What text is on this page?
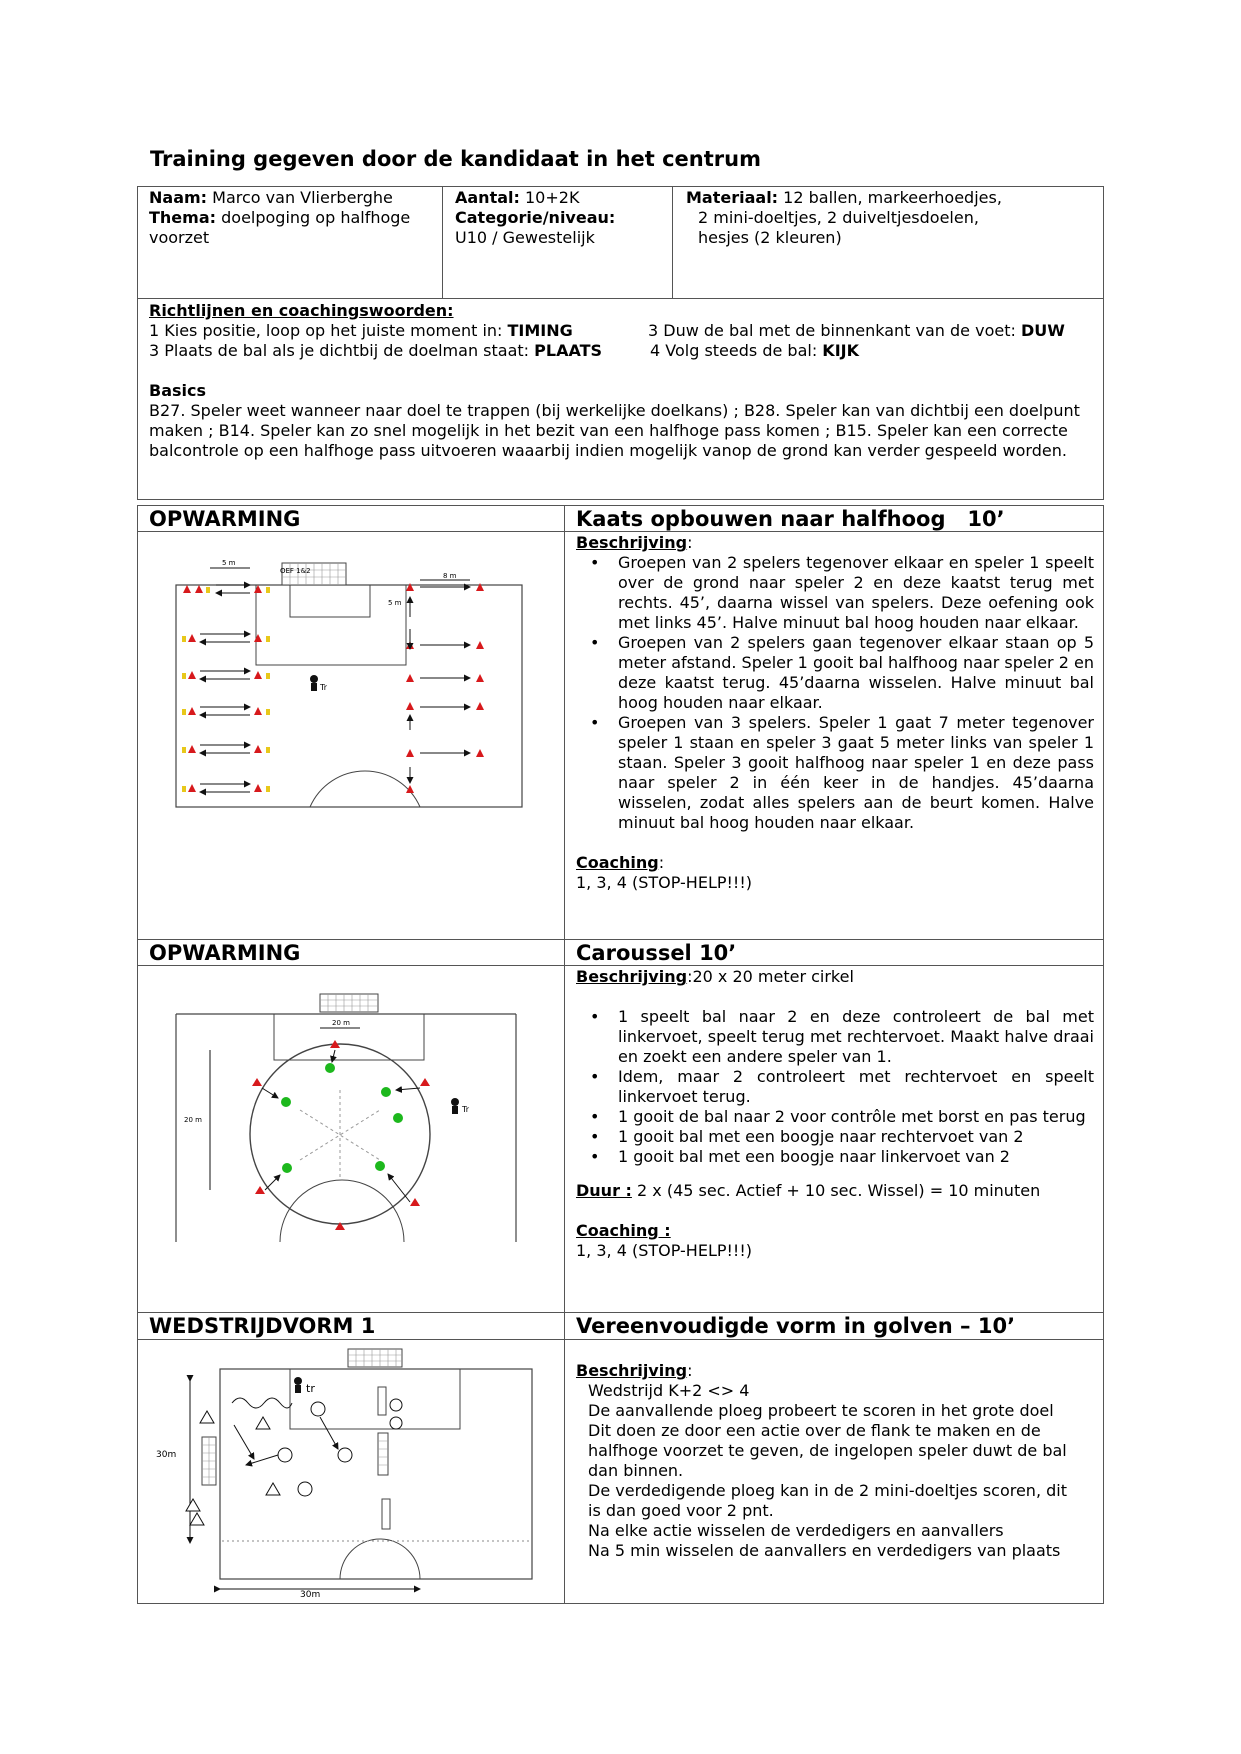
Training gegeven door de kandidaat in het centrum
Naam: Marco van Vlierberghe
Thema: doelpoging op halfhoge
voorzet
Aantal: 10+2K
Categorie/niveau:
U10 / Gewestelijk
Materiaal: 12 ballen, markeerhoedjes,
2 mini-doeltjes, 2 duiveltjesdoelen,
hesjes (2 kleuren)
Richtlijnen en coachingswoorden:
1 Kies positie, loop op het juiste moment in: TIMING	3 Duw de bal met de binnenkant van de voet: DUW
3 Plaats de bal als je dichtbij de doelman staat: PLAATS	4 Volg steeds de bal: KIJK
Basics
B27. Speler weet wanneer naar doel te trappen (bij werkelijke doelkans) ; B28. Speler kan van dichtbij een doelpunt maken ; B14. Speler kan zo snel mogelijk in het bezit van een halfhoge pass komen ; B15. Speler kan een correcte balcontrole op een halfhoge pass uitvoeren waaarbij indien mogelijk vanop de grond kan verder gespeeld worden.
OPWARMING	Kaats opbouwen naar halfhoog   10’
Beschrijving:
• Groepen van 2 spelers tegenover elkaar en speler 1 speelt over de grond naar speler 2 en deze kaatst terug met rechts. 45’, daarna wissel van spelers. Deze oefening ook met links 45’. Halve minuut bal hoog houden naar elkaar.
• Groepen van 2 spelers gaan tegenover elkaar staan op 5 meter afstand. Speler 1 gooit bal halfhoog naar speler 2 en deze kaatst terug. 45’daarna wisselen. Halve minuut bal hoog houden naar elkaar.
• Groepen van 3 spelers. Speler 1 gaat 7 meter tegenover speler 1 staan en speler 3 gaat 5 meter links van speler 1 staan. Speler 3 gooit halfhoog naar speler 1 en deze pass naar speler 2 in één keer in de handjes. 45’daarna wisselen, zodat alles spelers aan de beurt komen. Halve minuut bal hoog houden naar elkaar.
Coaching:
1, 3, 4 (STOP-HELP!!!)
5 m
OEF 1&2
8 m
5 m
Tr
OPWARMING	Caroussel 10’
Beschrijving:20 x 20 meter cirkel
• 1 speelt bal naar 2 en deze controleert de bal met linkervoet, speelt terug met rechtervoet. Maakt halve draai en zoekt een andere speler van 1.
• Idem, maar 2 controleert met rechtervoet en speelt linkervoet terug.
• 1 gooit de bal naar 2 voor contrôle met borst en pas terug
• 1 gooit bal met een boogje naar rechtervoet van 2
• 1 gooit bal met een boogje naar linkervoet van 2
Duur : 2 x (45 sec. Actief + 10 sec. Wissel) = 10 minuten
Coaching :
1, 3, 4 (STOP-HELP!!!)
20 m
20 m
Tr
WEDSTRIJDVORM 1	Vereenvoudigde vorm in golven – 10’
Beschrijving:
Wedstrijd K+2 <> 4
De aanvallende ploeg probeert te scoren in het grote doel
Dit doen ze door een actie over de flank te maken en de halfhoge voorzet te geven, de ingelopen speler duwt de bal dan binnen.
De verdedigende ploeg kan in de 2 mini-doeltjes scoren, dit
is dan goed voor 2 pnt.
Na elke actie wisselen de verdedigers en aanvallers
Na 5 min wisselen de aanvallers en verdedigers van plaats
30m
30m
tr
